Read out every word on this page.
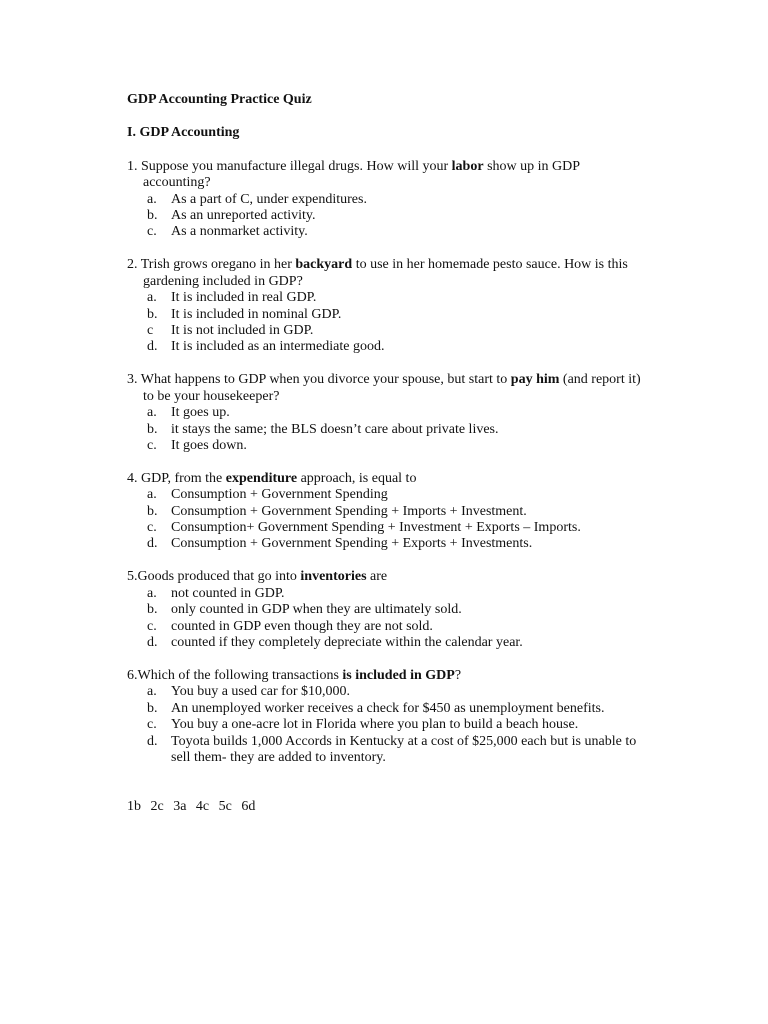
GDP Accounting Practice Quiz
I. GDP Accounting
1. Suppose you manufacture illegal drugs. How will your labor show up in GDP accounting?
a.	As a part of C, under expenditures.
b. As an unreported activity.
c.	As a nonmarket activity.
2. Trish grows oregano in her backyard to use in her homemade pesto sauce. How is this gardening included in GDP?
a.	It is included in real GDP.
b. It is included in nominal GDP.
c	It is not included in GDP.
d. It is included as an intermediate good.
3. What happens to GDP when you divorce your spouse, but start to pay him (and report it) to be your housekeeper?
a.	It goes up.
b. it stays the same; the BLS doesn’t care about private lives.
c.	It goes down.
4. GDP, from the expenditure approach, is equal to
a.	Consumption + Government Spending
b. Consumption + Government Spending + Imports + Investment.
c.	Consumption+ Government Spending + Investment + Exports – Imports.
d. Consumption + Government Spending + Exports + Investments.
5.Goods produced that go into inventories are
a.	not counted in GDP.
b. only counted in GDP when they are ultimately sold.
c.	counted in GDP even though they are not sold.
d. counted if they completely depreciate within the calendar year.
6.Which of the following transactions is included in GDP?
a.	You buy a used car for $10,000.
b. An unemployed worker receives a check for $450 as unemployment benefits.
c.	You buy a one-acre lot in Florida where you plan to build a beach house.
d. Toyota builds 1,000 Accords in Kentucky at a cost of $25,000 each but is unable to sell them- they are added to inventory.
1b 2c 3a 4c 5c 6d
